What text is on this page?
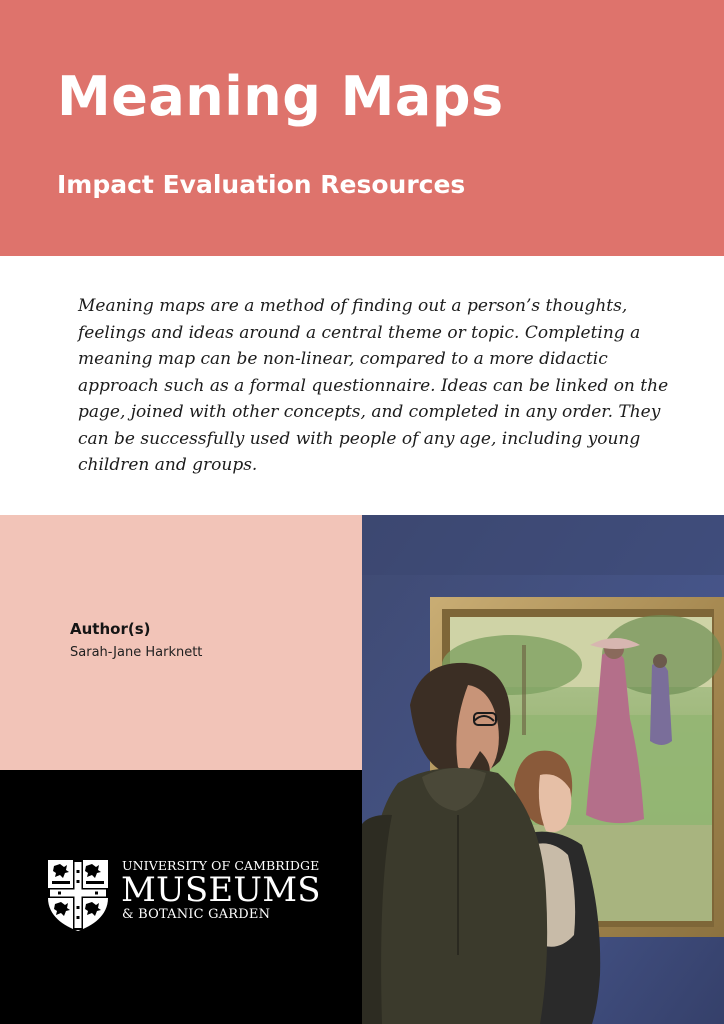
Meaning Maps
Impact Evaluation Resources

Meaning maps are a method of finding out a person’s thoughts, feelings and ideas around a central theme or topic. Completing a meaning map can be non-linear, compared to a more didactic approach such as a formal questionnaire. Ideas can be linked on the page, joined with other concepts, and completed in any order. They can be successfully used with people of any age, including young children and groups.

Author(s)
Sarah-Jane Harknett
UNIVERSITY OF CAMBRIDGE
MUSEUMS
& BOTANIC GARDEN
